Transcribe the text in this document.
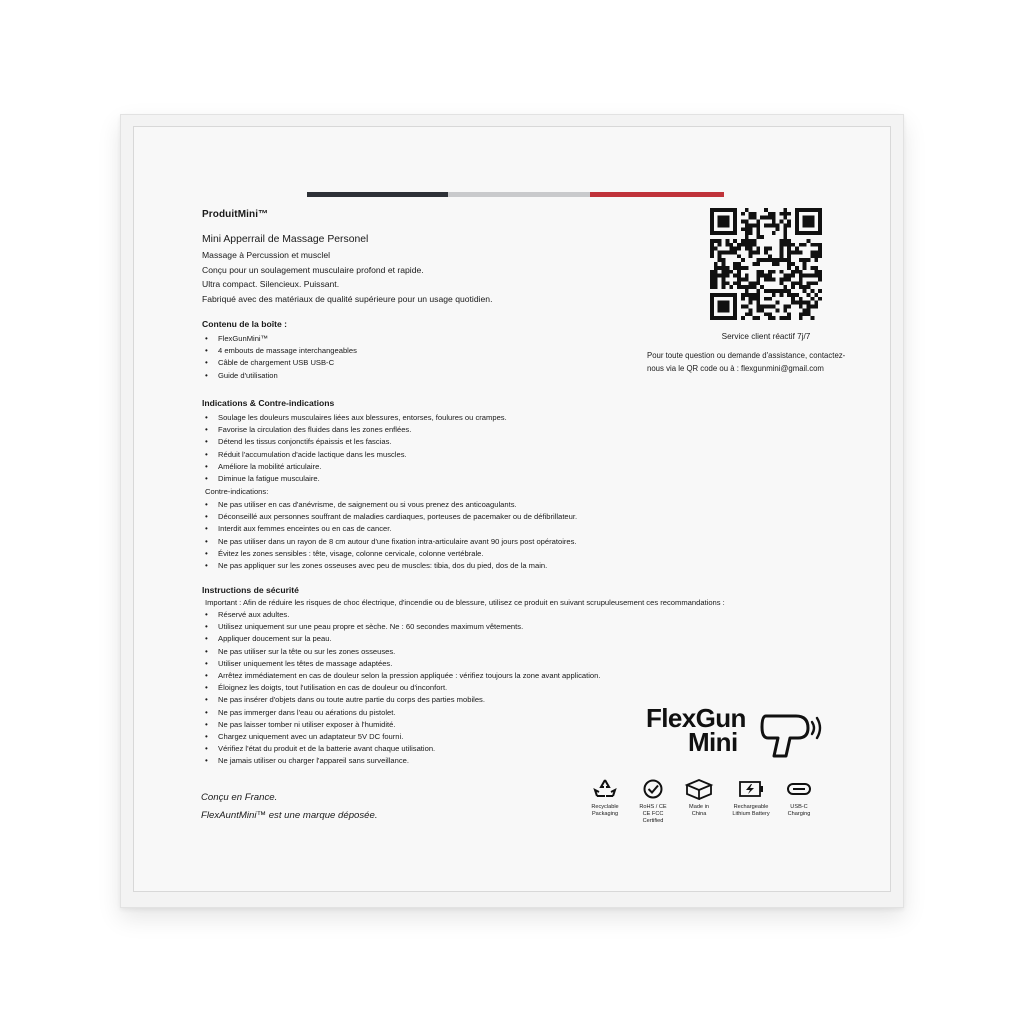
ProduitMini™
Mini Apperrail de Massage Personel
Massage à Percussion et musclel
Conçu pour un soulagement musculaire profond et rapide.
Ultra compact. Silencieux. Puissant.
Fabriqué avec des matériaux de qualité supérieure pour un usage quotidien.
Contenu de la boîte :
• FlexGunMini™
• 4 embouts de massage interchangeables
• Câble de chargement USB USB-C
• Guide d'utilisation
Indications & Contre-indications
• Soulage les douleurs musculaires liées aux blessures, entorses, foulures ou crampes.
• Favorise la circulation des fluides dans les zones enflées.
• Détend les tissus conjonctifs épaissis et les fascias.
• Réduit l'accumulation d'acide lactique dans les muscles.
• Améliore la mobilité articulaire.
• Diminue la fatigue musculaire.
Contre-indications:
• Ne pas utiliser en cas d'anévrisme, de saignement ou si vous prenez des anticoagulants.
• Déconseillé aux personnes souffrant de maladies cardiaques, porteuses de pacemaker ou de défibrillateur.
• Interdit aux femmes enceintes ou en cas de cancer.
• Ne pas utiliser dans un rayon de 8 cm autour d'une fixation intra-articulaire avant 90 jours post opératoires.
• Évitez les zones sensibles : tête, visage, colonne cervicale, colonne vertébrale.
• Ne pas appliquer sur les zones osseuses avec peu de muscles: tibia, dos du pied, dos de la main.
Instructions de sécurité
Important : Afin de réduire les risques de choc électrique, d'incendie ou de blessure, utilisez ce produit en suivant scrupuleusement ces recommandations :
• Réservé aux adultes.
• Utilisez uniquement sur une peau propre et sèche. Ne : 60 secondes maximum vêtements.
• Appliquer doucement sur la peau.
• Ne pas utiliser sur la tête ou sur les zones osseuses.
• Utiliser uniquement les têtes de massage adaptées.
• Arrêtez immédiatement en cas de douleur selon la pression appliquée : vérifiez toujours la zone avant application.
• Éloignez les doigts, tout l'utilisation en cas de douleur ou d'inconfort.
• Ne pas insérer d'objets dans ou toute autre partie du corps des parties mobiles.
• Ne pas immerger dans l'eau ou aérations du pistolet.
• Ne pas laisser tomber ni utiliser exposer à l'humidité.
• Chargez uniquement avec un adaptateur 5V DC fourni.
• Vérifiez l'état du produit et de la batterie avant chaque utilisation.
• Ne jamais utiliser ou charger l'appareil sans surveillance.
Service client réactif 7j/7
Pour toute question ou demande d'assistance, contactez-
nous via le QR code ou à : flexgunmini@gmail.com
FlexGun
Mini
Recyclable
Packaging
RoHS / CE
CE FCC
Certified
Made in
China
Rechargeable
Lithium Battery
USB-C
Charging
Conçu en France.
FlexAuntMini™ est une marque déposée.
